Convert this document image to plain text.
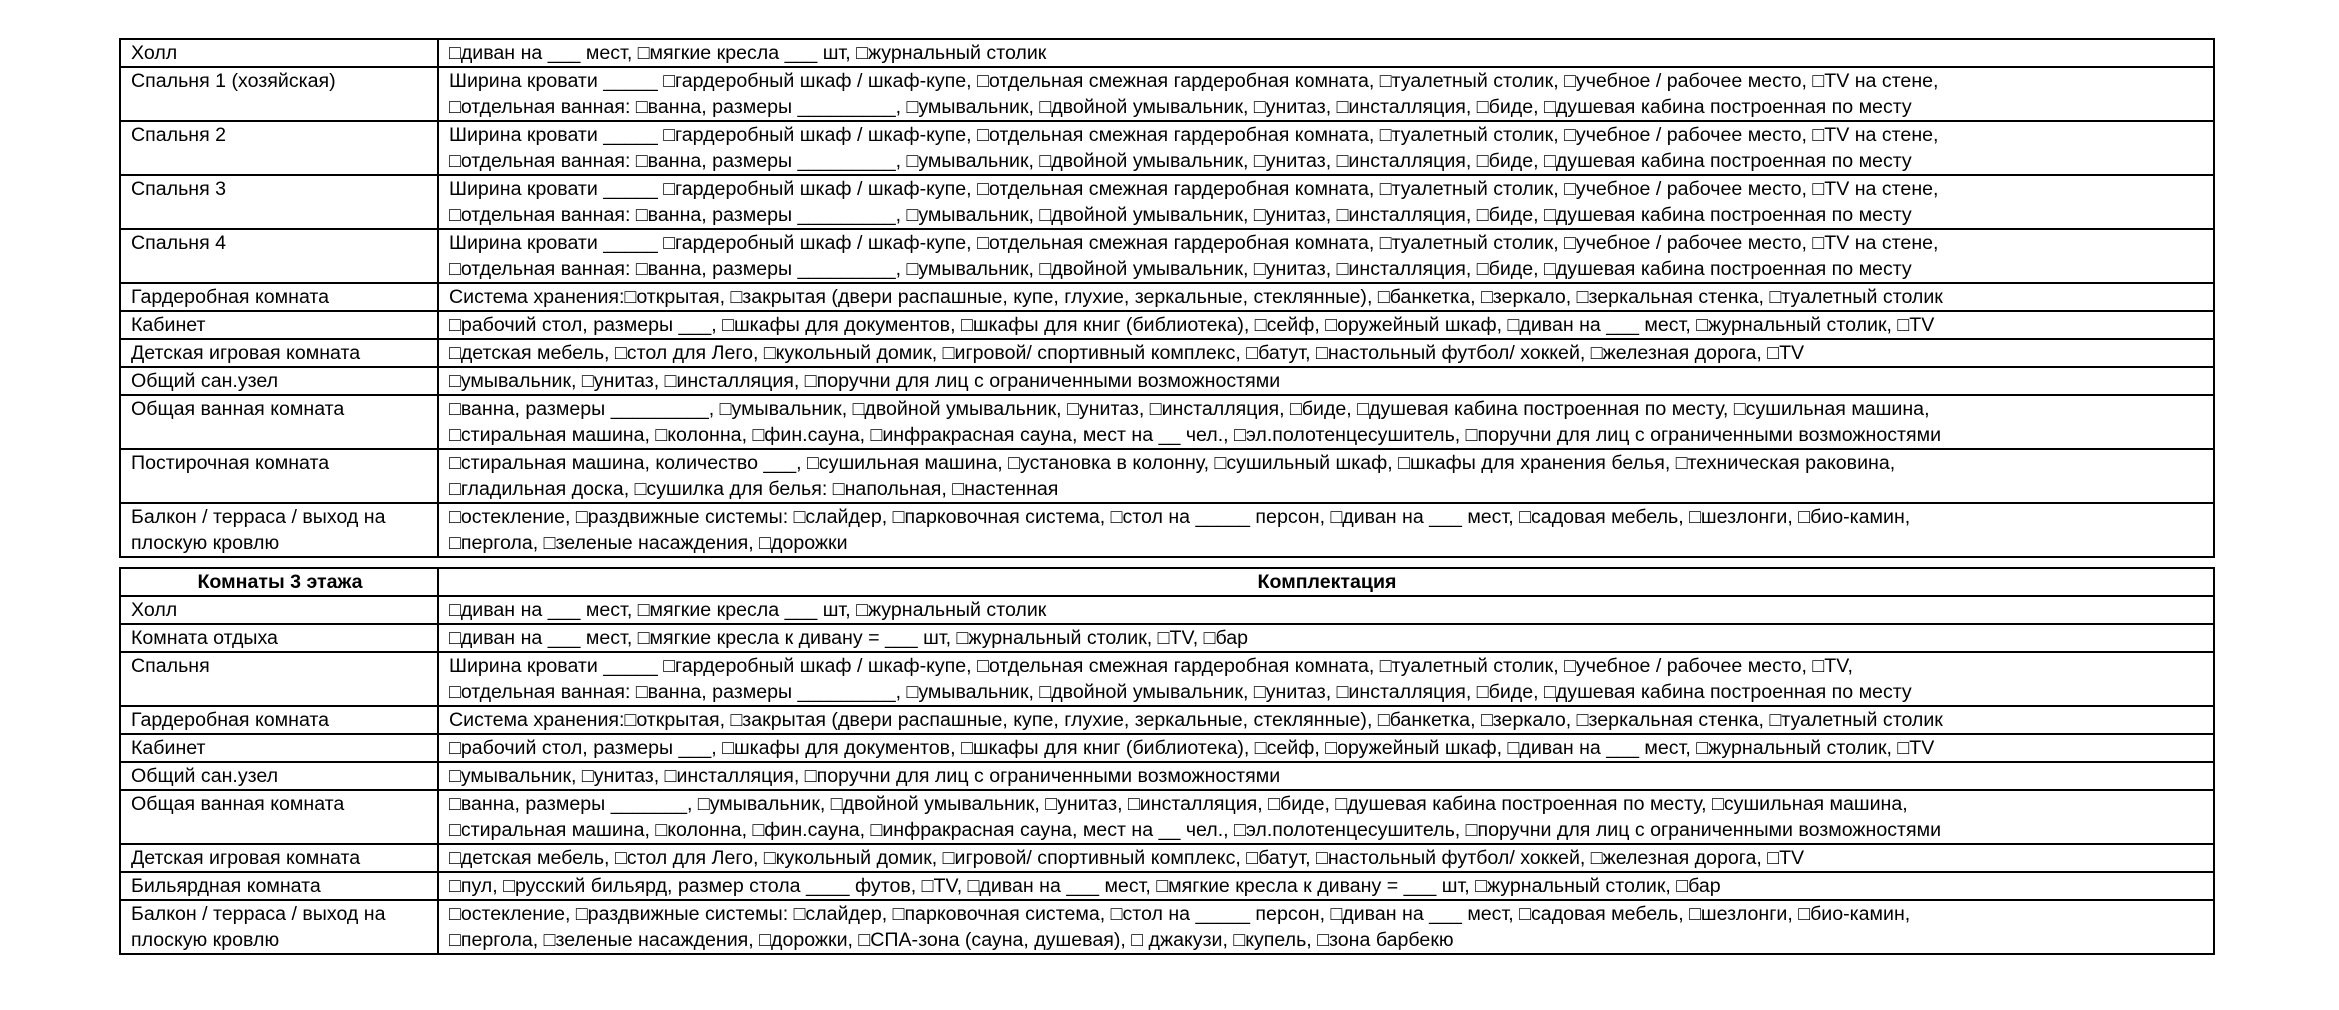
Холл	□диван на ___ мест, □мягкие кресла ___ шт, □журнальный столик

Спальня 1 (хозяйская)	Ширина кровати _____ □гардеробный шкаф / шкаф-купе, □отдельная смежная гардеробная комната, □туалетный столик, □учебное / рабочее место, □TV на стене,
□отдельная ванная: □ванна, размеры _________, □умывальник, □двойной умывальник, □унитаз, □инсталляция, □биде, □душевая кабина построенная по месту

Спальня 2	Ширина кровати _____ □гардеробный шкаф / шкаф-купе, □отдельная смежная гардеробная комната, □туалетный столик, □учебное / рабочее место, □TV на стене,
□отдельная ванная: □ванна, размеры _________, □умывальник, □двойной умывальник, □унитаз, □инсталляция, □биде, □душевая кабина построенная по месту

Спальня 3	Ширина кровати _____ □гардеробный шкаф / шкаф-купе, □отдельная смежная гардеробная комната, □туалетный столик, □учебное / рабочее место, □TV на стене,
□отдельная ванная: □ванна, размеры _________, □умывальник, □двойной умывальник, □унитаз, □инсталляция, □биде, □душевая кабина построенная по месту

Спальня 4	Ширина кровати _____ □гардеробный шкаф / шкаф-купе, □отдельная смежная гардеробная комната, □туалетный столик, □учебное / рабочее место, □TV на стене,
□отдельная ванная: □ванна, размеры _________, □умывальник, □двойной умывальник, □унитаз, □инсталляция, □биде, □душевая кабина построенная по месту

Гардеробная комната	Система хранения:□открытая, □закрытая (двери распашные, купе, глухие, зеркальные, стеклянные), □банкетка, □зеркало, □зеркальная стенка, □туалетный столик

Кабинет	□рабочий стол, размеры ___, □шкафы для документов, □шкафы для книг (библиотека), □сейф, □оружейный шкаф, □диван на ___ мест, □журнальный столик, □TV

Детская игровая комната	□детская мебель, □стол для Лего, □кукольный домик, □игровой/ спортивный комплекс, □батут, □настольный футбол/ хоккей, □железная дорога, □TV

Общий сан.узел	□умывальник, □унитаз, □инсталляция, □поручни для лиц с ограниченными возможностями

Общая ванная комната	□ванна, размеры _________, □умывальник, □двойной умывальник, □унитаз, □инсталляция, □биде, □душевая кабина построенная по месту, □сушильная машина,
□стиральная машина, □колонна, □фин.сауна, □инфракрасная сауна, мест на __ чел., □эл.полотенцесушитель, □поручни для лиц с ограниченными возможностями

Постирочная комната	□стиральная машина, количество ___, □сушильная машина, □установка в колонну, □сушильный шкаф, □шкафы для хранения белья, □техническая раковина,
□гладильная доска, □сушилка для белья: □напольная, □настенная

Балкон / терраса / выход на плоскую кровлю	□остекление, □раздвижные системы: □слайдер, □парковочная система, □стол на _____ персон, □диван на ___ мест, □садовая мебель, □шезлонги, □био-камин,
□пергола, □зеленые насаждения, □дорожки
Комнаты 3 этажа	Комплектация
Холл	□диван на ___ мест, □мягкие кресла ___ шт, □журнальный столик

Комната отдыха	□диван на ___ мест, □мягкие кресла к дивану = ___ шт, □журнальный столик, □TV, □бар

Спальня	Ширина кровати _____ □гардеробный шкаф / шкаф-купе, □отдельная смежная гардеробная комната, □туалетный столик, □учебное / рабочее место, □TV,
□отдельная ванная: □ванна, размеры _________, □умывальник, □двойной умывальник, □унитаз, □инсталляция, □биде, □душевая кабина построенная по месту

Гардеробная комната	Система хранения:□открытая, □закрытая (двери распашные, купе, глухие, зеркальные, стеклянные), □банкетка, □зеркало, □зеркальная стенка, □туалетный столик

Кабинет	□рабочий стол, размеры ___, □шкафы для документов, □шкафы для книг (библиотека), □сейф, □оружейный шкаф, □диван на ___ мест, □журнальный столик, □TV

Общий сан.узел	□умывальник, □унитаз, □инсталляция, □поручни для лиц с ограниченными возможностями

Общая ванная комната	□ванна, размеры _______, □умывальник, □двойной умывальник, □унитаз, □инсталляция, □биде, □душевая кабина построенная по месту, □сушильная машина,
□стиральная машина, □колонна, □фин.сауна, □инфракрасная сауна, мест на __ чел., □эл.полотенцесушитель, □поручни для лиц с ограниченными возможностями

Детская игровая комната	□детская мебель, □стол для Лего, □кукольный домик, □игровой/ спортивный комплекс, □батут, □настольный футбол/ хоккей, □железная дорога, □TV

Бильярдная комната	□пул, □русский бильярд, размер стола ____ футов, □TV, □диван на ___ мест, □мягкие кресла к дивану = ___ шт, □журнальный столик, □бар

Балкон / терраса / выход на плоскую кровлю	□остекление, □раздвижные системы: □слайдер, □парковочная система, □стол на _____ персон, □диван на ___ мест, □садовая мебель, □шезлонги, □био-камин,
□пергола, □зеленые насаждения, □дорожки, □СПА-зона (сауна, душевая), □ джакузи, □купель, □зона барбекю
